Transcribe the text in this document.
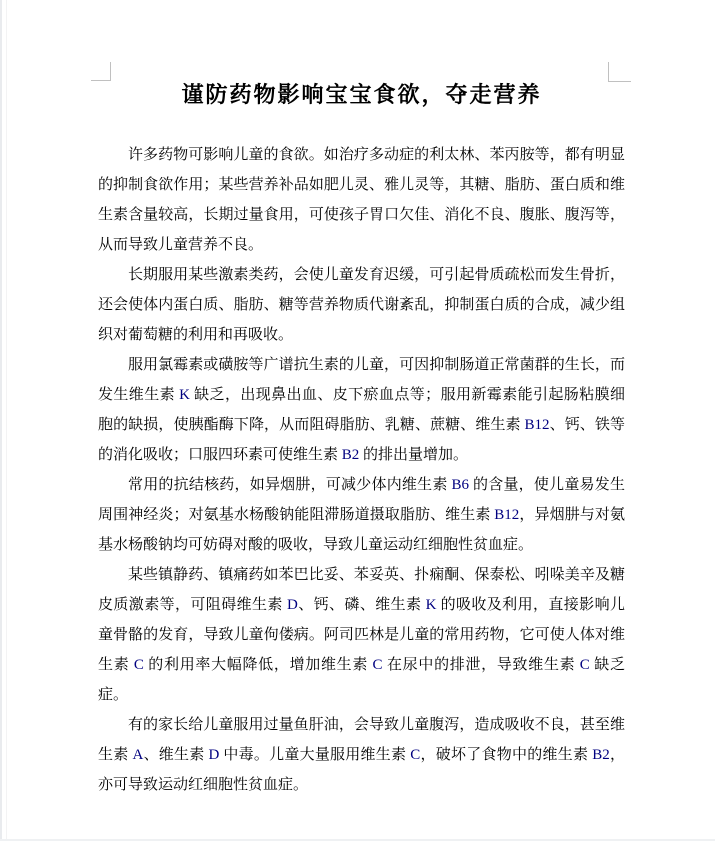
谨防药物影响宝宝食欲，夺走营养

许多药物可影响儿童的食欲。如治疗多动症的利太林、苯丙胺等，都有明显的抑制食欲作用；某些营养补品如肥儿灵、雅儿灵等，其糖、脂肪、蛋白质和维生素含量较高，长期过量食用，可使孩子胃口欠佳、消化不良、腹胀、腹泻等，从而导致儿童营养不良。

长期服用某些激素类药，会使儿童发育迟缓，可引起骨质疏松而发生骨折，还会使体内蛋白质、脂肪、糖等营养物质代谢紊乱，抑制蛋白质的合成，减少组织对葡萄糖的利用和再吸收。

服用氯霉素或磺胺等广谱抗生素的儿童，可因抑制肠道正常菌群的生长，而发生维生素 K 缺乏，出现鼻出血、皮下瘀血点等；服用新霉素能引起肠粘膜细胞的缺损，使胰酯酶下降，从而阻碍脂肪、乳糖、蔗糖、维生素 B12、钙、铁等的消化吸收；口服四环素可使维生素 B2 的排出量增加。

常用的抗结核药，如异烟肼，可减少体内维生素 B6 的含量，使儿童易发生周围神经炎；对氨基水杨酸钠能阻滞肠道摄取脂肪、维生素 B12，异烟肼与对氨基水杨酸钠均可妨碍对酸的吸收，导致儿童运动红细胞性贫血症。

某些镇静药、镇痛药如苯巴比妥、苯妥英、扑痫酮、保泰松、吲哚美辛及糖皮质激素等，可阻碍维生素 D、钙、磷、维生素 K 的吸收及利用，直接影响儿童骨骼的发育，导致儿童佝偻病。阿司匹林是儿童的常用药物，它可使人体对维生素 C 的利用率大幅降低，增加维生素 C 在尿中的排泄，导致维生素 C 缺乏症。

有的家长给儿童服用过量鱼肝油，会导致儿童腹泻，造成吸收不良，甚至维生素 A、维生素 D 中毒。儿童大量服用维生素 C，破坏了食物中的维生素 B2，亦可导致运动红细胞性贫血症。
